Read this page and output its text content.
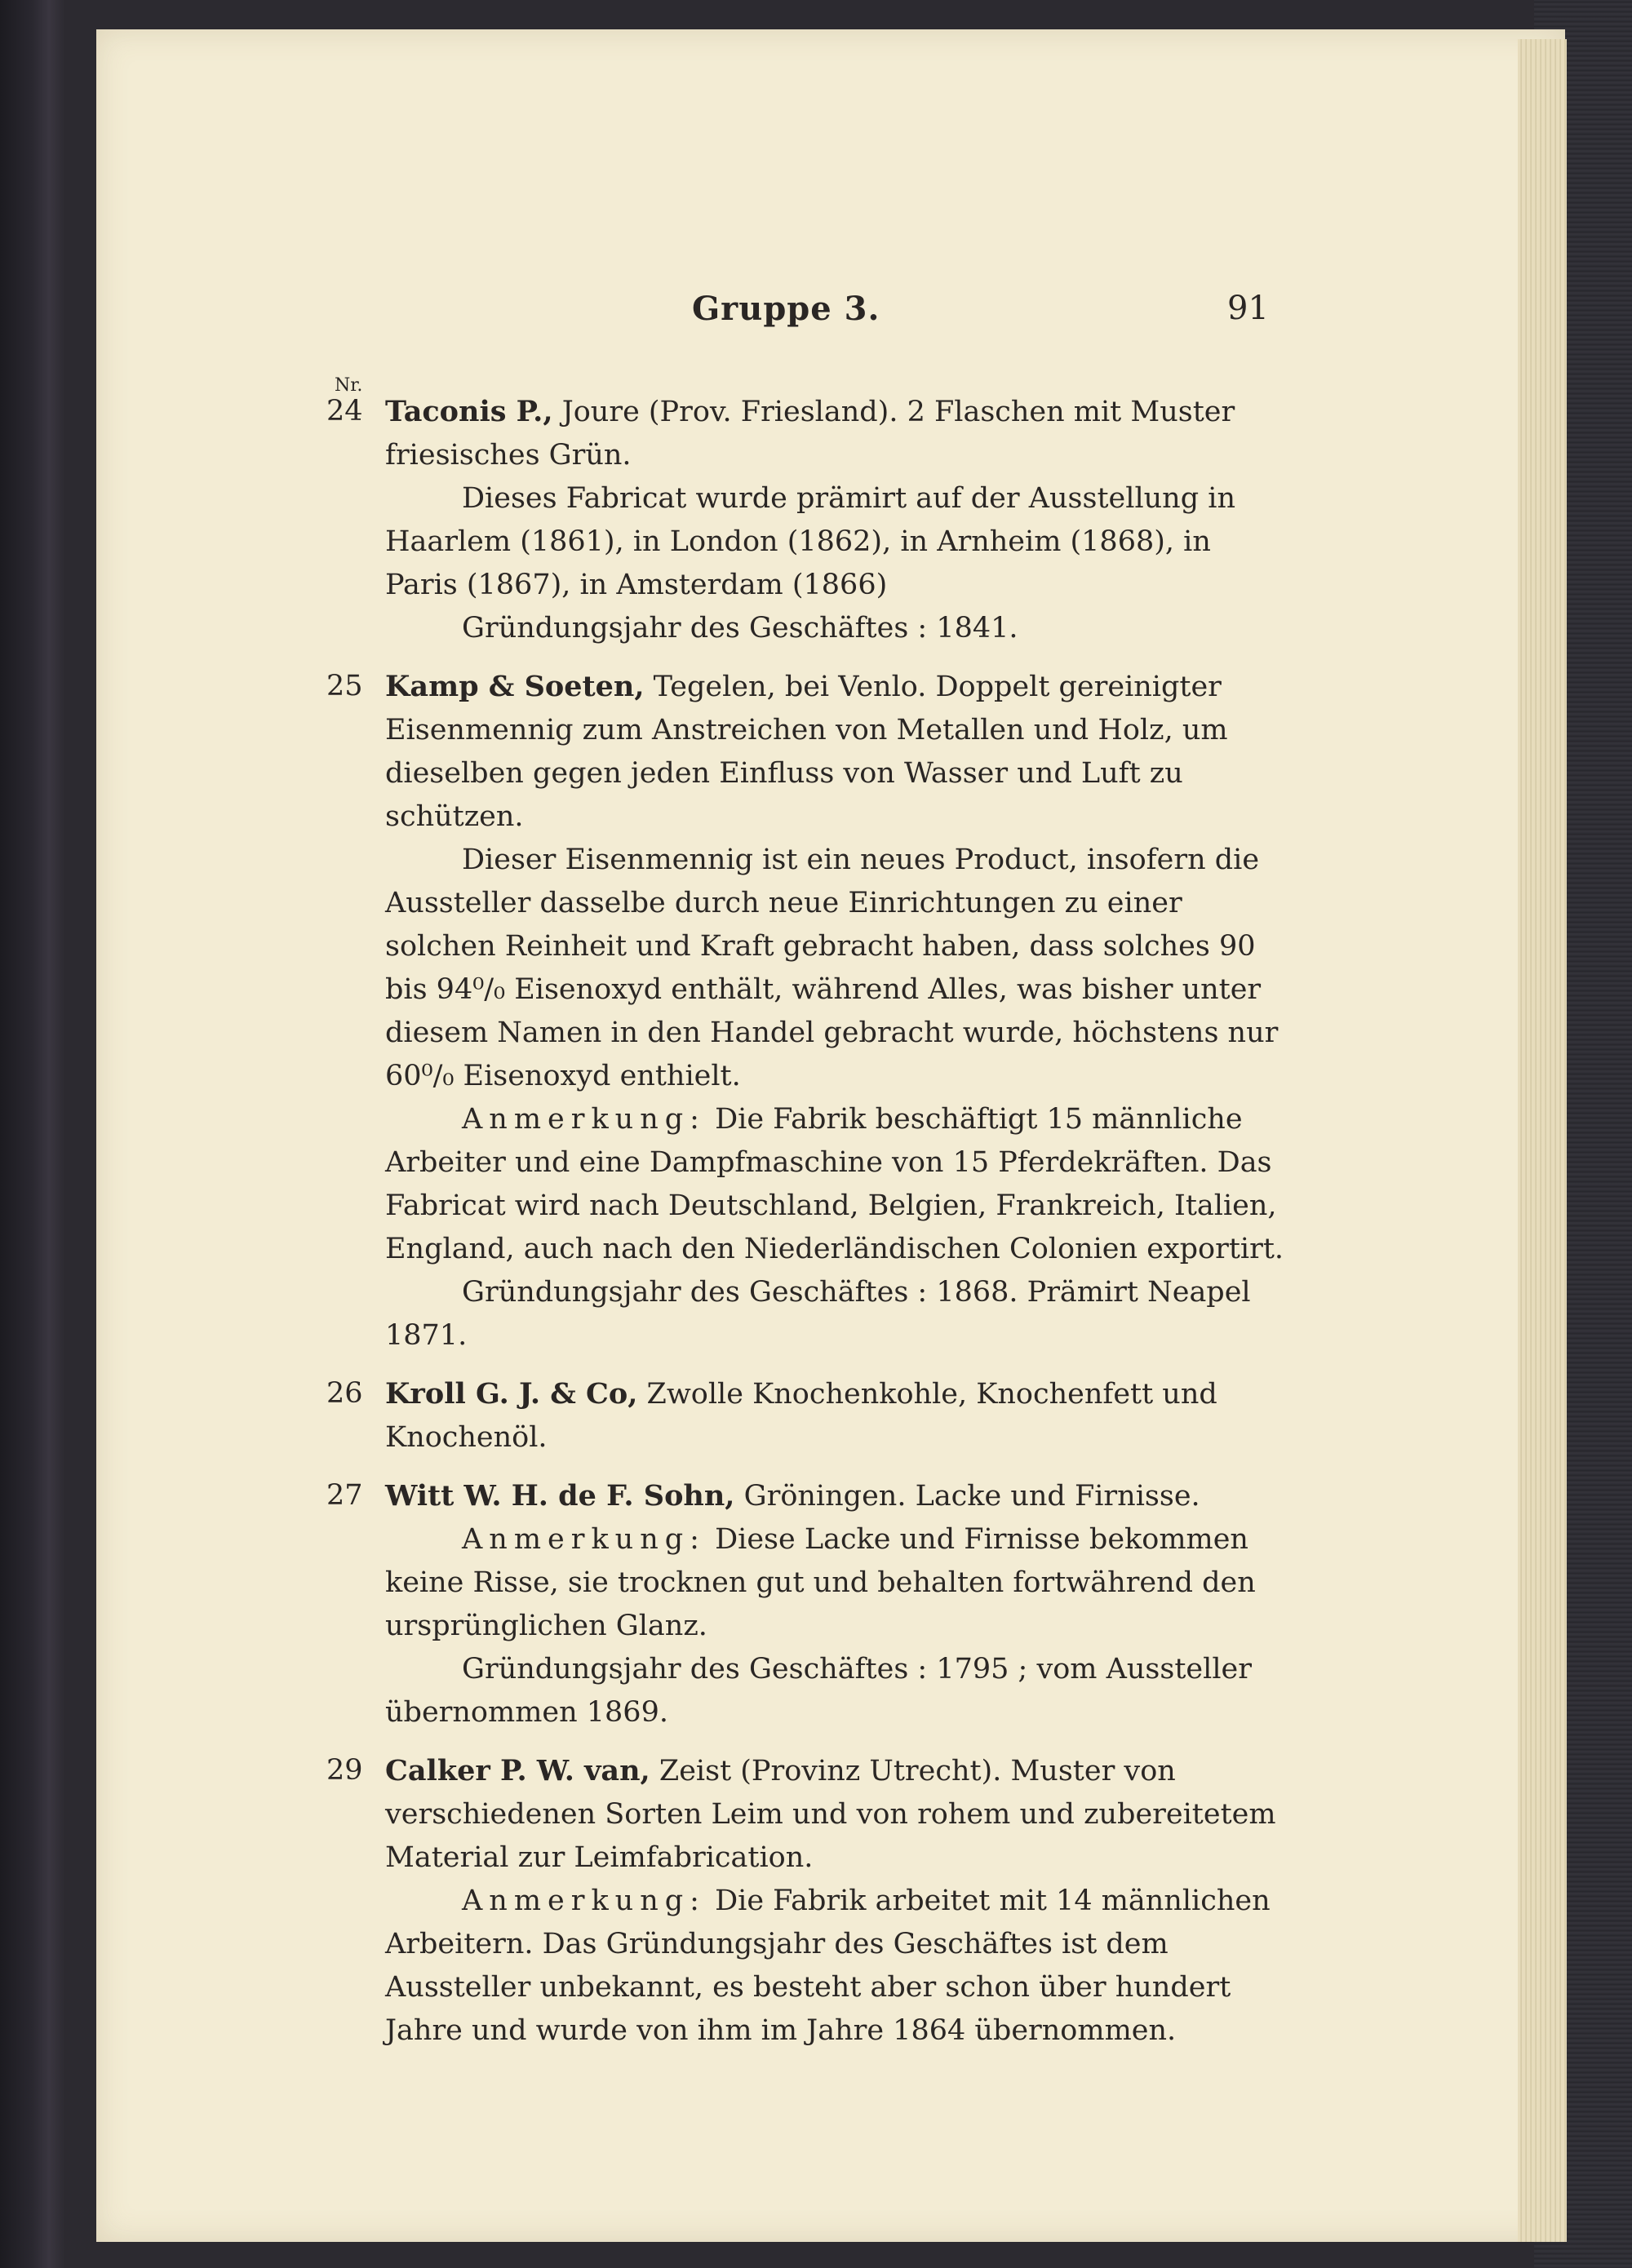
Gruppe 3.	91
Nr.
24 Taconis P., Joure (Prov. Friesland). 2 Flaschen mit Muster friesisches Grün.
Dieses Fabricat wurde prämirt auf der Ausstellung in Haarlem (1861), in London (1862), in Arnheim (1868), in Paris (1867), in Amsterdam (1866)
Gründungsjahr des Geschäftes : 1841.
25 Kamp & Soeten, Tegelen, bei Venlo. Doppelt gereinigter Eisenmennig zum Anstreichen von Metallen und Holz, um dieselben gegen jeden Einfluss von Wasser und Luft zu schützen.
Dieser Eisenmennig ist ein neues Product, insofern die Aussteller dasselbe durch neue Einrichtungen zu einer solchen Reinheit und Kraft gebracht haben, dass solches 90 bis 94⁰/₀ Eisenoxyd enthält, während Alles, was bisher unter diesem Namen in den Handel gebracht wurde, höchstens nur 60⁰/₀ Eisenoxyd enthielt.
Anmerkung: Die Fabrik beschäftigt 15 männliche Arbeiter und eine Dampfmaschine von 15 Pferdekräften. Das Fabricat wird nach Deutschland, Belgien, Frankreich, Italien, England, auch nach den Niederländischen Colonien exportirt.
Gründungsjahr des Geschäftes : 1868. Prämirt Neapel 1871.
26 Kroll G. J. & Co, Zwolle Knochenkohle, Knochenfett und Knochenöl.
27 Witt W. H. de F. Sohn, Gröningen. Lacke und Firnisse.
Anmerkung: Diese Lacke und Firnisse bekommen keine Risse, sie trocknen gut und behalten fortwährend den ursprünglichen Glanz.
Gründungsjahr des Geschäftes : 1795 ; vom Aussteller übernommen 1869.
29 Calker P. W. van, Zeist (Provinz Utrecht). Muster von verschiedenen Sorten Leim und von rohem und zubereitetem Material zur Leimfabrication.
Anmerkung: Die Fabrik arbeitet mit 14 männlichen Arbeitern. Das Gründungsjahr des Geschäftes ist dem Aussteller unbekannt, es besteht aber schon über hundert Jahre und wurde von ihm im Jahre 1864 übernommen.
